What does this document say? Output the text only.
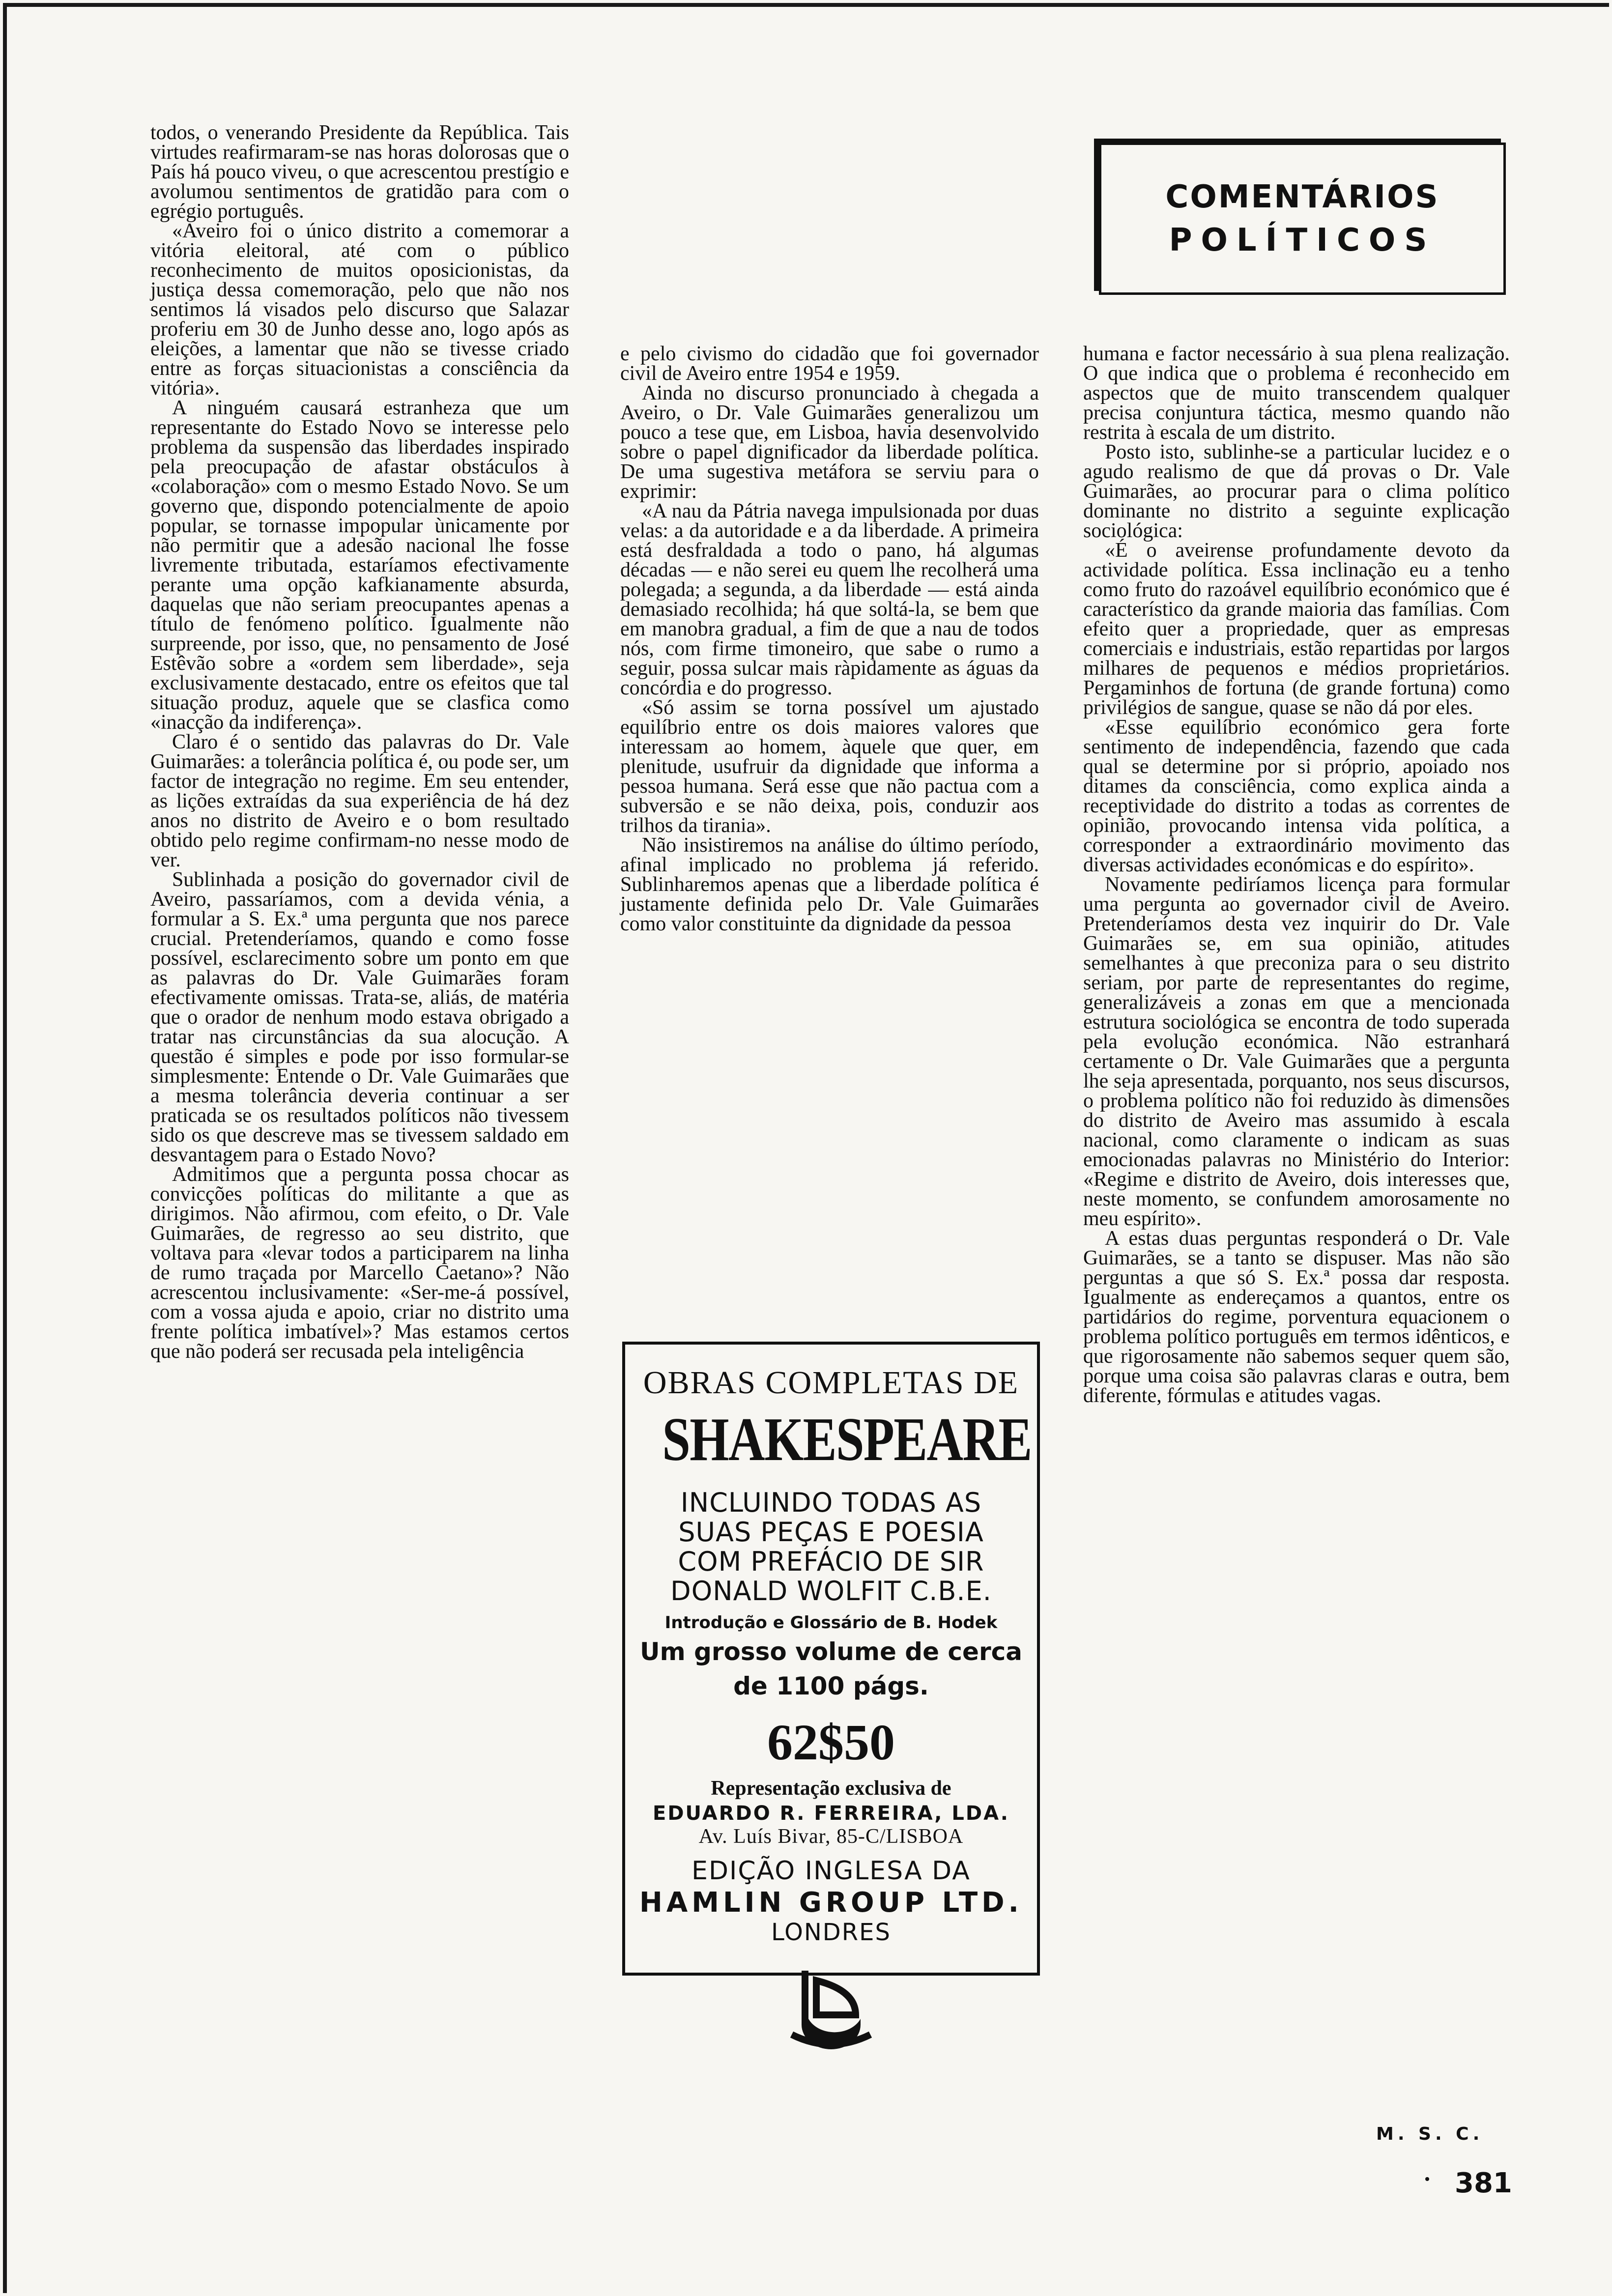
todos, o venerando Presidente da República. Tais virtudes reafirmaram-se nas horas dolorosas que o País há pouco viveu, o que acrescentou prestígio e avolumou sentimentos de gratidão para com o egrégio português.

«Aveiro foi o único distrito a comemorar a vitória eleitoral, até com o público reconhecimento de muitos oposicionistas, da justiça dessa comemoração, pelo que não nos sentimos lá visados pelo discurso que Salazar proferiu em 30 de Junho desse ano, logo após as eleições, a lamentar que não se tivesse criado entre as forças situacionistas a consciência da vitória».

A ninguém causará estranheza que um representante do Estado Novo se interesse pelo problema da suspensão das liberdades inspirado pela preocupação de afastar obstáculos à «colaboração» com o mesmo Estado Novo. Se um governo que, dispondo potencialmente de apoio popular, se tornasse impopular ùnicamente por não permitir que a adesão nacional lhe fosse livremente tributada, estaríamos efectivamente perante uma opção kafkianamente absurda, daquelas que não seriam preocupantes apenas a título de fenómeno político. Igualmente não surpreende, por isso, que, no pensamento de José Estêvão sobre a «ordem sem liberdade», seja exclusivamente destacado, entre os efeitos que tal situação produz, aquele que se clasfica como «inacção da indiferença».

Claro é o sentido das palavras do Dr. Vale Guimarães: a tolerância política é, ou pode ser, um factor de integração no regime. Em seu entender, as lições extraídas da sua experiência de há dez anos no distrito de Aveiro e o bom resultado obtido pelo regime confirmam-no nesse modo de ver.

Sublinhada a posição do governador civil de Aveiro, passaríamos, com a devida vénia, a formular a S. Ex.ª uma pergunta que nos parece crucial. Pretenderíamos, quando e como fosse possível, esclarecimento sobre um ponto em que as palavras do Dr. Vale Guimarães foram efectivamente omissas. Trata-se, aliás, de matéria que o orador de nenhum modo estava obrigado a tratar nas circunstâncias da sua alocução. A questão é simples e pode por isso formular-se simplesmente: Entende o Dr. Vale Guimarães que a mesma tolerância deveria continuar a ser praticada se os resultados políticos não tivessem sido os que descreve mas se tivessem saldado em desvantagem para o Estado Novo?

Admitimos que a pergunta possa chocar as convicções políticas do militante a que as dirigimos. Não afirmou, com efeito, o Dr. Vale Guimarães, de regresso ao seu distrito, que voltava para «levar todos a participarem na linha de rumo traçada por Marcello Caetano»? Não acrescentou inclusivamente: «Ser-me-á possível, com a vossa ajuda e apoio, criar no distrito uma frente política imbatível»? Mas estamos certos que não poderá ser recusada pela inteligência

COMENTÁRIOS
POLÍTICOS

e pelo civismo do cidadão que foi governador civil de Aveiro entre 1954 e 1959.

Ainda no discurso pronunciado à chegada a Aveiro, o Dr. Vale Guimarães generalizou um pouco a tese que, em Lisboa, havia desenvolvido sobre o papel dignificador da liberdade política. De uma sugestiva metáfora se serviu para o exprimir:

«A nau da Pátria navega impulsionada por duas velas: a da autoridade e a da liberdade. A primeira está desfraldada a todo o pano, há algumas décadas — e não serei eu quem lhe recolherá uma polegada; a segunda, a da liberdade — está ainda demasiado recolhida; há que soltá-la, se bem que em manobra gradual, a fim de que a nau de todos nós, com firme timoneiro, que sabe o rumo a seguir, possa sulcar mais ràpidamente as águas da concórdia e do progresso.

«Só assim se torna possível um ajustado equilíbrio entre os dois maiores valores que interessam ao homem, àquele que quer, em plenitude, usufruir da dignidade que informa a pessoa humana. Será esse que não pactua com a subversão e se não deixa, pois, conduzir aos trilhos da tirania».

Não insistiremos na análise do último período, afinal implicado no problema já referido. Sublinharemos apenas que a liberdade política é justamente definida pelo Dr. Vale Guimarães como valor constituinte da dignidade da pessoa

OBRAS COMPLETAS DE
SHAKESPEARE
INCLUINDO TODAS AS
SUAS PEÇAS E POESIA
COM PREFÁCIO DE SIR
DONALD WOLFIT C.B.E.
Introdução e Glossário de B. Hodek
Um grosso volume de cerca
de 1100 págs.
62$50
Representação exclusiva de
EDUARDO R. FERREIRA, LDA.
Av. Luís Bivar, 85-C/LISBOA
EDIÇÃO INGLESA DA
HAMLIN GROUP LTD.
LONDRES

humana e factor necessário à sua plena realização. O que indica que o problema é reconhecido em aspectos que de muito transcendem qualquer precisa conjuntura táctica, mesmo quando não restrita à escala de um distrito.

Posto isto, sublinhe-se a particular lucidez e o agudo realismo de que dá provas o Dr. Vale Guimarães, ao procurar para o clima político dominante no distrito a seguinte explicação sociológica:

«É o aveirense profundamente devoto da actividade política. Essa inclinação eu a tenho como fruto do razoável equilíbrio económico que é característico da grande maioria das famílias. Com efeito quer a propriedade, quer as empresas comerciais e industriais, estão repartidas por largos milhares de pequenos e médios proprietários. Pergaminhos de fortuna (de grande fortuna) como privilégios de sangue, quase se não dá por eles.

«Esse equilíbrio económico gera forte sentimento de independência, fazendo que cada qual se determine por si próprio, apoiado nos ditames da consciência, como explica ainda a receptividade do distrito a todas as correntes de opinião, provocando intensa vida política, a corresponder a extraordinário movimento das diversas actividades económicas e do espírito».

Novamente pediríamos licença para formular uma pergunta ao governador civil de Aveiro. Pretenderíamos desta vez inquirir do Dr. Vale Guimarães se, em sua opinião, atitudes semelhantes à que preconiza para o seu distrito seriam, por parte de representantes do regime, generalizáveis a zonas em que a mencionada estrutura sociológica se encontra de todo superada pela evolução económica. Não estranhará certamente o Dr. Vale Guimarães que a pergunta lhe seja apresentada, porquanto, nos seus discursos, o problema político não foi reduzido às dimensões do distrito de Aveiro mas assumido à escala nacional, como claramente o indicam as suas emocionadas palavras no Ministério do Interior: «Regime e distrito de Aveiro, dois interesses que, neste momento, se confundem amorosamente no meu espírito».

A estas duas perguntas responderá o Dr. Vale Guimarães, se a tanto se dispuser. Mas não são perguntas a que só S. Ex.ª possa dar resposta. Igualmente as endereçamos a quantos, entre os partidários do regime, porventura equacionem o problema político português em termos idênticos, e que rigorosamente não sabemos sequer quem são, porque uma coisa são palavras claras e outra, bem diferente, fórmulas e atitudes vagas.

M. S. C.
381
